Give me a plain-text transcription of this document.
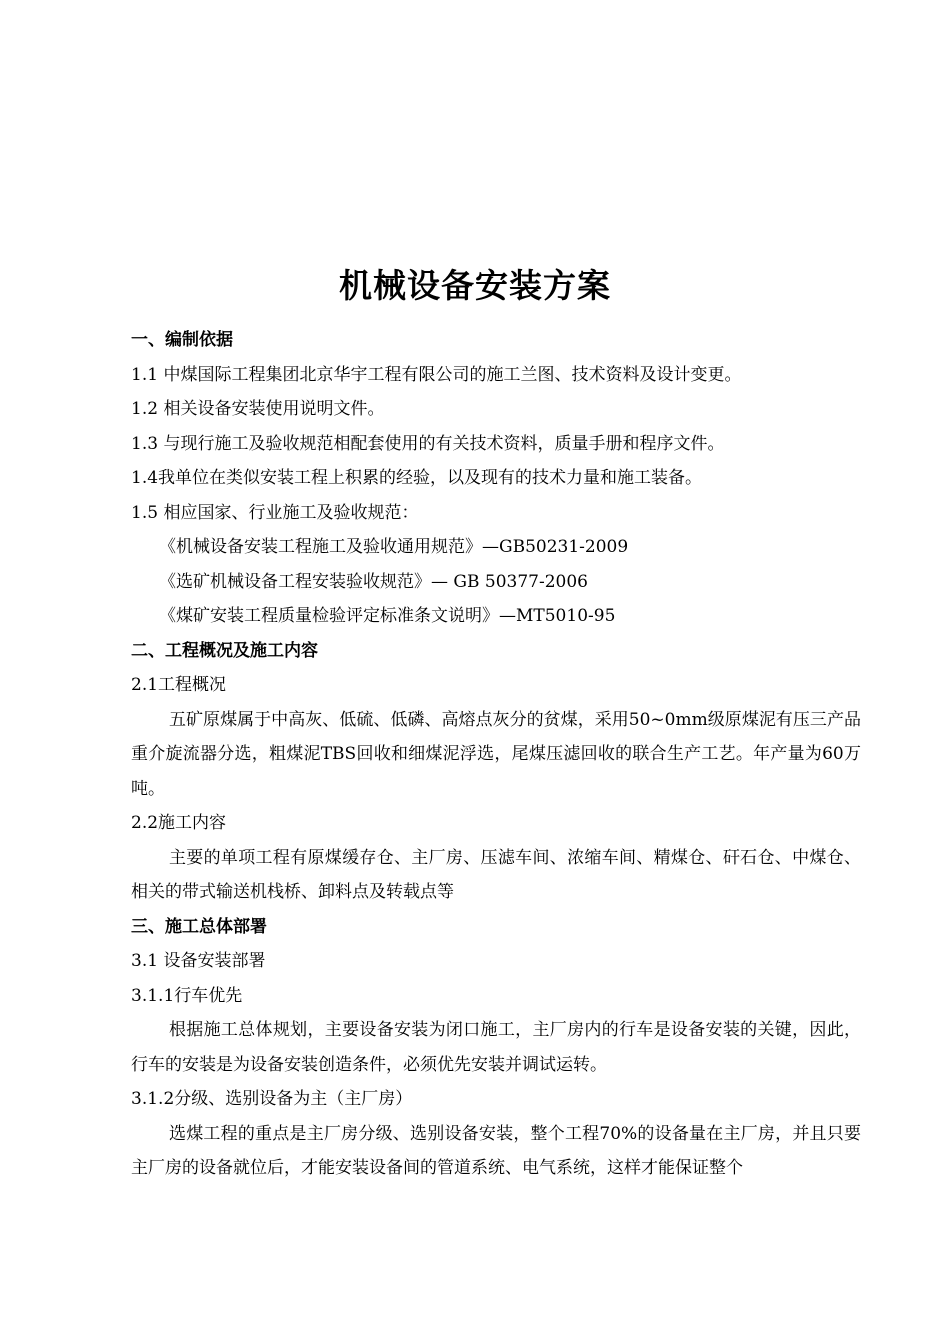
机械设备安装方案
一、编制依据
1.1 中煤国际工程集团北京华宇工程有限公司的施工兰图、技术资料及设计变更。
1.2 相关设备安装使用说明文件。
1.3 与现行施工及验收规范相配套使用的有关技术资料，质量手册和程序文件。
1.4我单位在类似安装工程上积累的经验，以及现有的技术力量和施工装备。
1.5 相应国家、行业施工及验收规范：
《机械设备安装工程施工及验收通用规范》—GB50231-2009
《选矿机械设备工程安装验收规范》— GB 50377-2006
《煤矿安装工程质量检验评定标准条文说明》—MT5010-95
二、工程概况及施工内容
2.1工程概况
五矿原煤属于中高灰、低硫、低磷、高熔点灰分的贫煤，采用50~0mm级原煤泥有压三产品重介旋流器分选，粗煤泥TBS回收和细煤泥浮选，尾煤压滤回收的联合生产工艺。年产量为60万吨。
2.2施工内容
主要的单项工程有原煤缓存仓、主厂房、压滤车间、浓缩车间、精煤仓、矸石仓、中煤仓、相关的带式输送机栈桥、卸料点及转载点等
三、施工总体部署
3.1 设备安装部署
3.1.1行车优先
根据施工总体规划，主要设备安装为闭口施工，主厂房内的行车是设备安装的关键，因此，行车的安装是为设备安装创造条件，必须优先安装并调试运转。
3.1.2分级、选别设备为主（主厂房）
选煤工程的重点是主厂房分级、选别设备安装，整个工程70%的设备量在主厂房，并且只要主厂房的设备就位后，才能安装设备间的管道系统、电气系统，这样才能保证整个
